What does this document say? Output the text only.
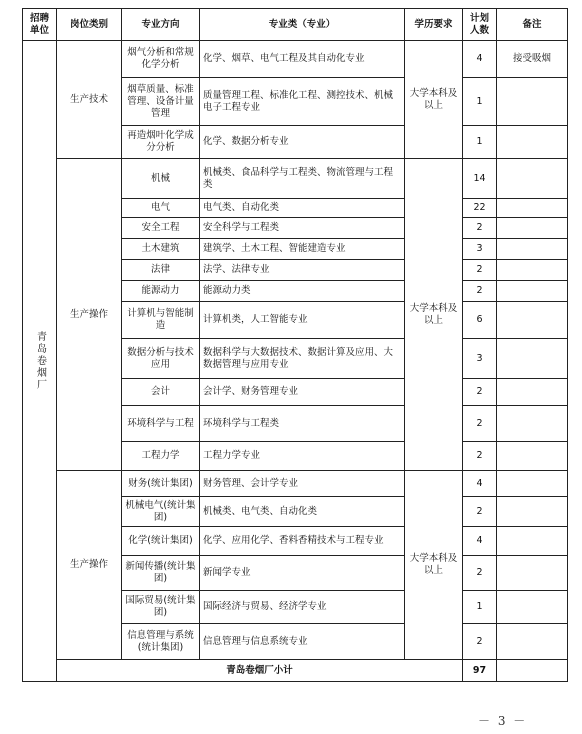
招聘单位	岗位类别	专业方向	专业类（专业）	学历要求	计划人数	备注

青岛卷烟厂	生产技术	烟气分析和常规化学分析	化学、烟草、电气工程及其自动化专业	大学本科及以上	4	接受吸烟
		烟草质量、标准管理、设备计量管理	质量管理工程、标准化工程、测控技术、机械电子工程专业		1	
		再造烟叶化学成分分析	化学、数据分析专业		1	
	生产操作	机械	机械类、食品科学与工程类、物流管理与工程类	大学本科及以上	14	
		电气	电气类、自动化类		22	
		安全工程	安全科学与工程类		2	
		土木建筑	建筑学、土木工程、智能建造专业		3	
		法律	法学、法律专业		2	
		能源动力	能源动力类		2	
		计算机与智能制造	计算机类，人工智能专业		6	
		数据分析与技术应用	数据科学与大数据技术、数据计算及应用、大数据管理与应用专业		3	
		会计	会计学、财务管理专业		2	
		环境科学与工程	环境科学与工程类		2	
		工程力学	工程力学专业		2	
	生产操作	财务(统计集团)	财务管理、会计学专业	大学本科及以上	4	
		机械电气(统计集团)	机械类、电气类、自动化类		2	
		化学(统计集团)	化学、应用化学、香料香精技术与工程专业		4	
		新闻传播(统计集团)	新闻学专业		2	
		国际贸易(统计集团)	国际经济与贸易、经济学专业		1	
		信息管理与系统(统计集团)	信息管理与信息系统专业		2	
	青岛卷烟厂小计				97	
－ 3 －
